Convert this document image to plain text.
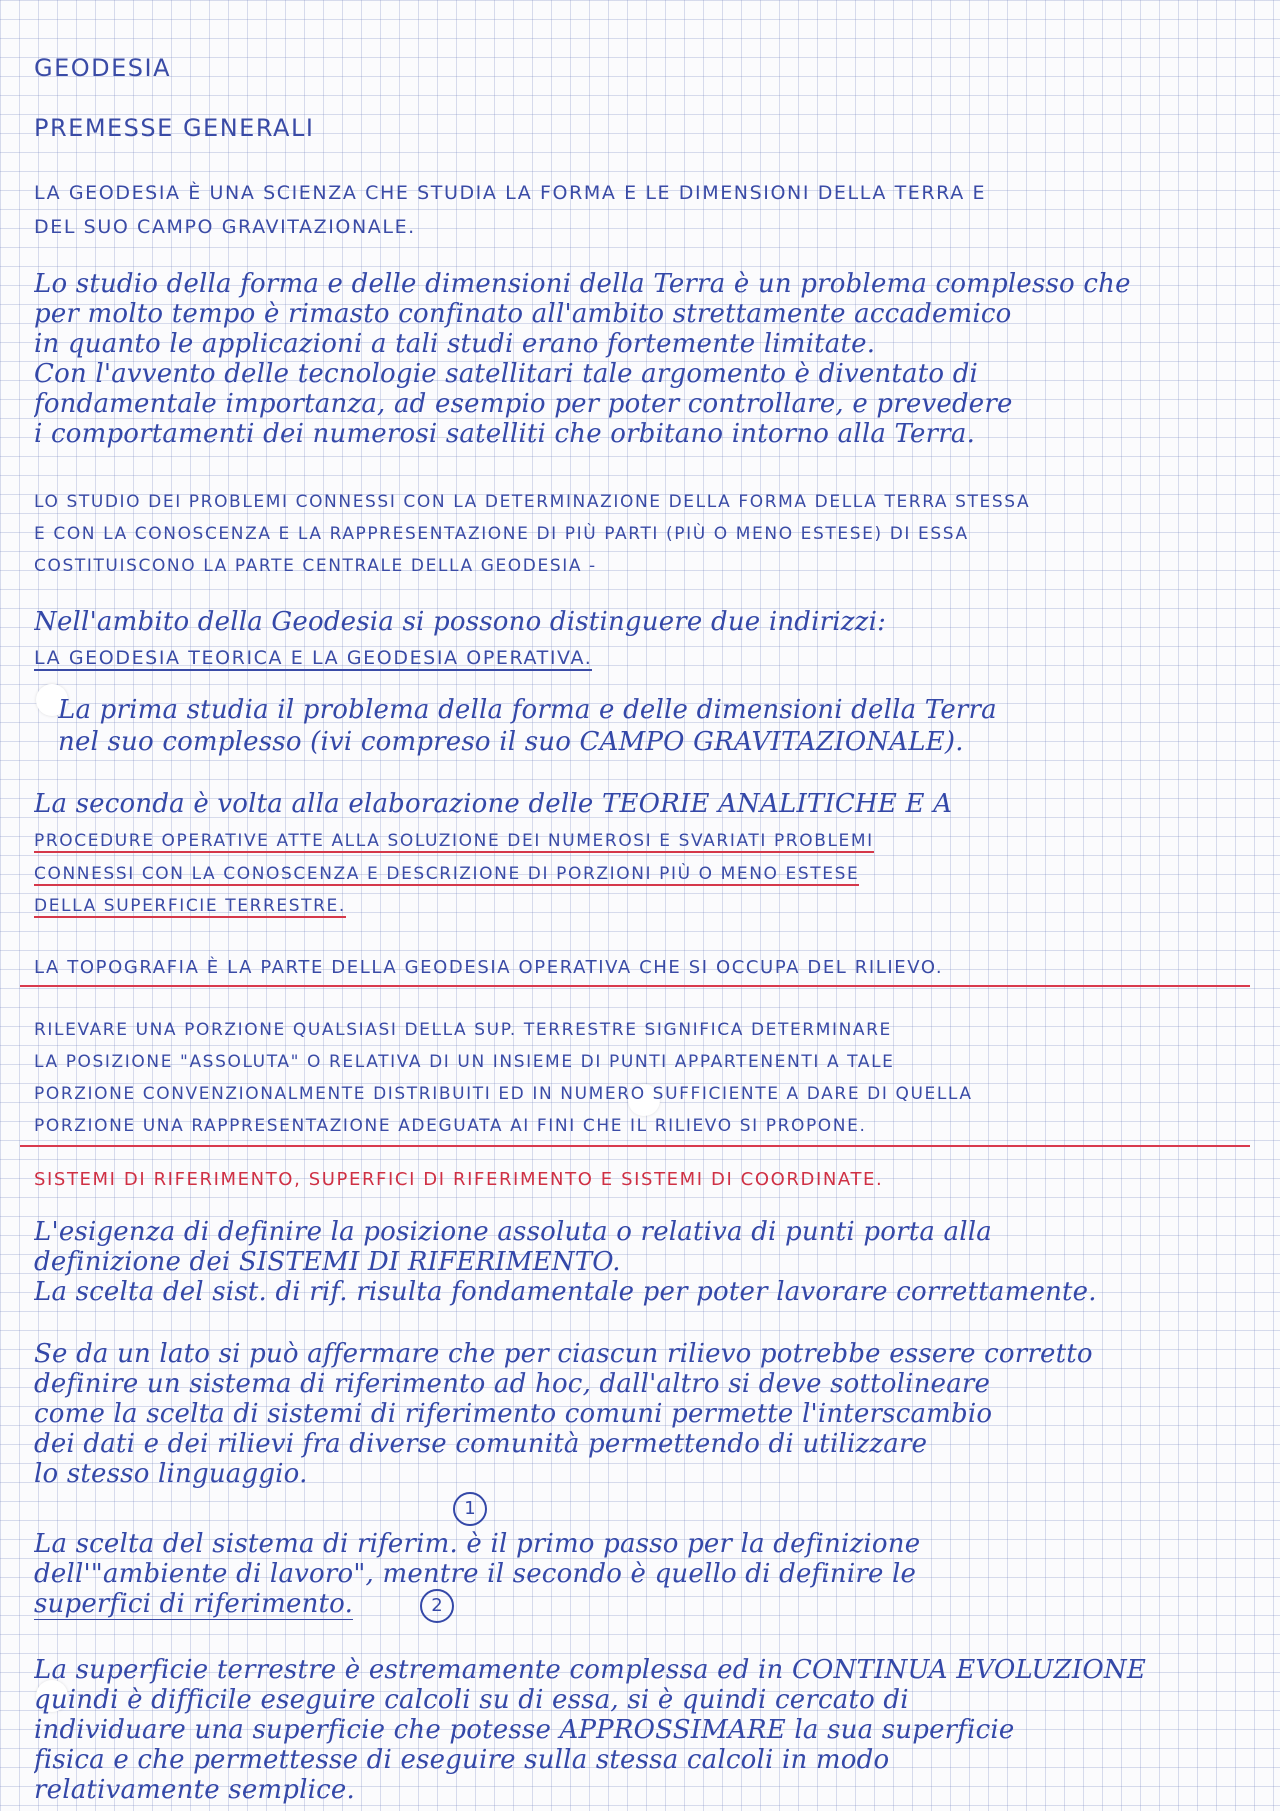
GEODESIA
PREMESSE GENERALI
LA GEODESIA È UNA SCIENZA CHE STUDIA LA FORMA E LE DIMENSIONI DELLA TERRA E
DEL SUO CAMPO GRAVITAZIONALE.
Lo studio della forma e delle dimensioni della Terra è un problema complesso che
per molto tempo è rimasto confinato all'ambito strettamente accademico
in quanto le applicazioni a tali studi erano fortemente limitate.
Con l'avvento delle tecnologie satellitari tale argomento è diventato di
fondamentale importanza, ad esempio per poter controllare, e prevedere
i comportamenti dei numerosi satelliti che orbitano intorno alla Terra.
LO STUDIO DEI PROBLEMI CONNESSI CON LA DETERMINAZIONE DELLA FORMA DELLA TERRA STESSA
E CON LA CONOSCENZA E LA RAPPRESENTAZIONE DI PIÙ PARTI (PIÙ O MENO ESTESE) DI ESSA
COSTITUISCONO LA PARTE CENTRALE DELLA GEODESIA -
Nell'ambito della Geodesia si possono distinguere due indirizzi:
LA GEODESIA TEORICA E LA GEODESIA OPERATIVA.
La prima studia il problema della forma e delle dimensioni della Terra
nel suo complesso (ivi compreso il suo CAMPO GRAVITAZIONALE).
La seconda è volta alla elaborazione delle TEORIE ANALITICHE E A
PROCEDURE OPERATIVE ATTE ALLA SOLUZIONE DEI NUMEROSI E SVARIATI PROBLEMI
CONNESSI CON LA CONOSCENZA E DESCRIZIONE DI PORZIONI PIÙ O MENO ESTESE
DELLA SUPERFICIE TERRESTRE.
LA TOPOGRAFIA È LA PARTE DELLA GEODESIA OPERATIVA CHE SI OCCUPA DEL RILIEVO.
RILEVARE UNA PORZIONE QUALSIASI DELLA SUP. TERRESTRE SIGNIFICA DETERMINARE
LA POSIZIONE "ASSOLUTA" O RELATIVA DI UN INSIEME DI PUNTI APPARTENENTI A TALE
PORZIONE CONVENZIONALMENTE DISTRIBUITI ED IN NUMERO SUFFICIENTE A DARE DI QUELLA
PORZIONE UNA RAPPRESENTAZIONE ADEGUATA AI FINI CHE IL RILIEVO SI PROPONE.
SISTEMI DI RIFERIMENTO, SUPERFICI DI RIFERIMENTO E SISTEMI DI COORDINATE.
L'esigenza di definire la posizione assoluta o relativa di punti porta alla
definizione dei SISTEMI DI RIFERIMENTO.
La scelta del sist. di rif. risulta fondamentale per poter lavorare correttamente.
Se da un lato si può affermare che per ciascun rilievo potrebbe essere corretto
definire un sistema di riferimento ad hoc, dall'altro si deve sottolineare
come la scelta di sistemi di riferimento comuni permette l'interscambio
dei dati e dei rilievi fra diverse comunità permettendo di utilizzare
lo stesso linguaggio.
1
La scelta del sistema di riferim. è il primo passo per la definizione
dell'"ambiente di lavoro", mentre il secondo è quello di definire le
superfici di riferimento.	2
La superficie terrestre è estremamente complessa ed in CONTINUA EVOLUZIONE
quindi è difficile eseguire calcoli su di essa, si è quindi cercato di
individuare una superficie che potesse APPROSSIMARE la sua superficie
fisica e che permettesse di eseguire sulla stessa calcoli in modo
relativamente semplice.
